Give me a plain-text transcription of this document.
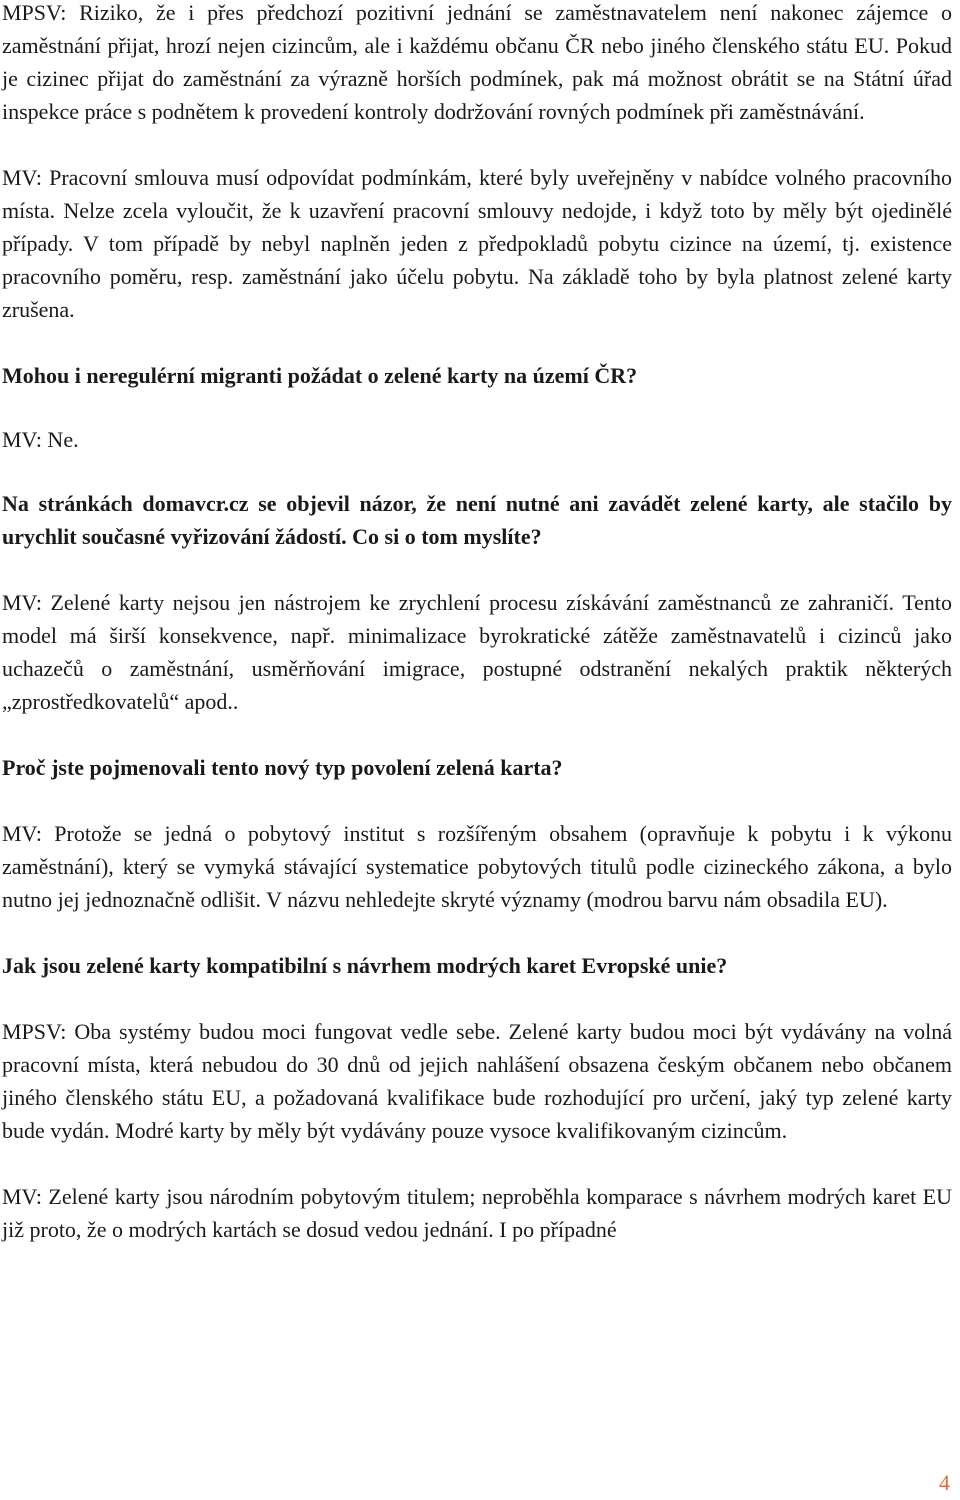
MPSV: Riziko, že i přes předchozí pozitivní jednání se zaměstnavatelem není nakonec zájemce o zaměstnání přijat, hrozí nejen cizincům, ale i každému občanu ČR nebo jiného členského státu EU. Pokud je cizinec přijat do zaměstnání za výrazně horších podmínek, pak má možnost obrátit se na Státní úřad inspekce práce s podnětem k provedení kontroly dodržování rovných podmínek při zaměstnávání.

MV: Pracovní smlouva musí odpovídat podmínkám, které byly uveřejněny v nabídce volného pracovního místa. Nelze zcela vyloučit, že k uzavření pracovní smlouvy nedojde, i když toto by měly být ojedinělé případy. V tom případě by nebyl naplněn jeden z předpokladů pobytu cizince na území, tj. existence pracovního poměru, resp. zaměstnání jako účelu pobytu. Na základě toho by byla platnost zelené karty zrušena.

Mohou i neregulérní migranti požádat o zelené karty na území ČR?

MV: Ne.

Na stránkách domavcr.cz se objevil názor, že není nutné ani zavádět zelené karty, ale stačilo by urychlit současné vyřizování žádostí. Co si o tom myslíte?

MV: Zelené karty nejsou jen nástrojem ke zrychlení procesu získávání zaměstnanců ze zahraničí. Tento model má širší konsekvence, např. minimalizace byrokratické zátěže zaměstnavatelů i cizinců jako uchazečů o zaměstnání, usměrňování imigrace, postupné odstranění nekalých praktik některých „zprostředkovatelů“ apod..

Proč jste pojmenovali tento nový typ povolení zelená karta?

MV: Protože se jedná o pobytový institut s rozšířeným obsahem (opravňuje k pobytu i k výkonu zaměstnání), který se vymyká stávající systematice pobytových titulů podle cizineckého zákona, a bylo nutno jej jednoznačně odlišit. V názvu nehledejte skryté významy (modrou barvu nám obsadila EU).

Jak jsou zelené karty kompatibilní s návrhem modrých karet Evropské unie?

MPSV: Oba systémy budou moci fungovat vedle sebe. Zelené karty budou moci být vydávány na volná pracovní místa, která nebudou do 30 dnů od jejich nahlášení obsazena českým občanem nebo občanem jiného členského státu EU, a požadovaná kvalifikace bude rozhodující pro určení, jaký typ zelené karty bude vydán. Modré karty by měly být vydávány pouze vysoce kvalifikovaným cizincům.

MV: Zelené karty jsou národním pobytovým titulem; neproběhla komparace s návrhem modrých karet EU již proto, že o modrých kartách se dosud vedou jednání. I po případné

4
